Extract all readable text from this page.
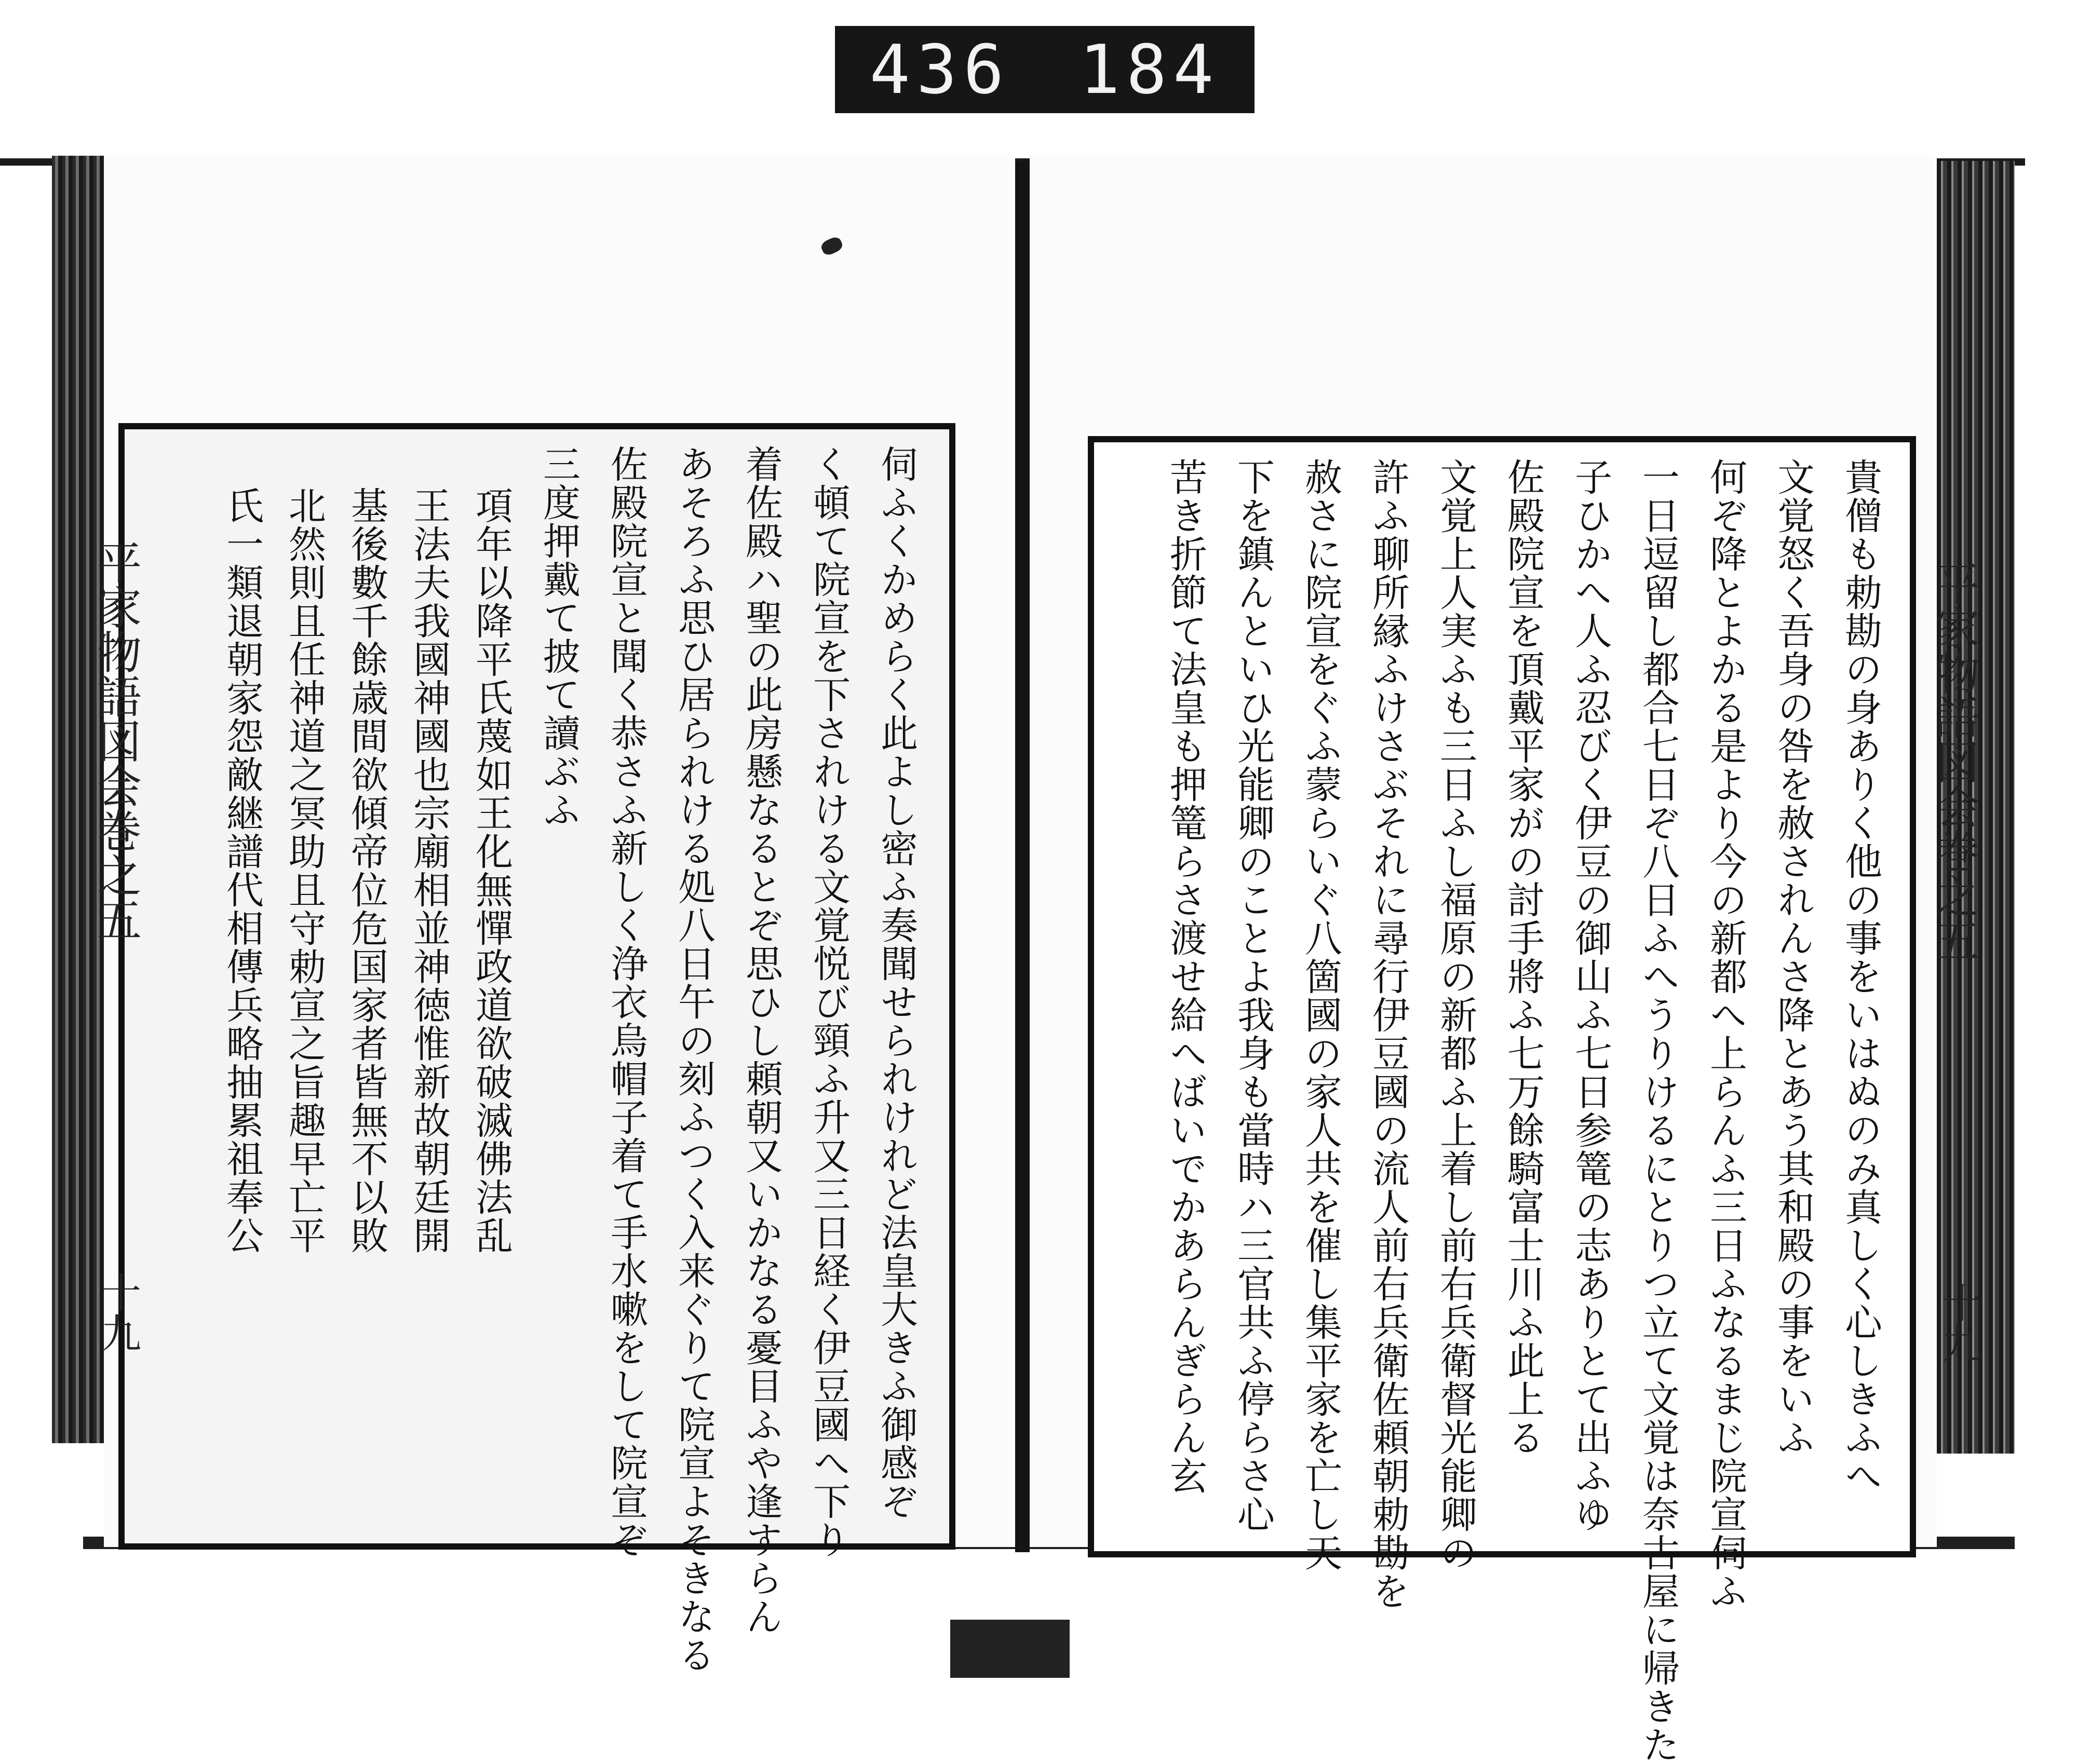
436 184
貴僧も勅勘の身ありく他の事をいはぬのみ真しく心しきふへ
文覚怒く吾身の咎を赦されんさ降とあう其和殿の事をいふ
何ぞ降とよかる是より今の新都へ上らんふ三日ふなるまじ院宣伺ふ
一日逗留し都合七日ぞ八日ふへうりけるにとりつ立て文覚は奈古屋に帰きた
子ひかへ人ふ忍びく伊豆の御山ふ七日参篭の志ありとて出ふゆ
佐殿院宣を頂戴平家がの討手將ふ七万餘騎富士川ふ此上る
文覚上人実ふも三日ふし福原の新都ふ上着し前右兵衛督光能卿の
許ふ聊所縁ふけさぶそれに尋行伊豆國の流人前右兵衛佐頼朝勅勘を
赦さに院宣をぐふ蒙らいぐ八箇國の家人共を催し集平家を亡し天
下を鎮んといひ光能卿のことよ我身も當時ハ三官共ふ停らさ心
苦き折節て法皇も押篭らさ渡せ給へばいでかあらんぎらん玄
伺ふくかめらく此よし密ふ奏聞せられけれど法皇大きふ御感ぞ
く頓て院宣を下されける文覚悦び頸ふ升又三日経く伊豆國へ下り
着佐殿ハ聖の此房懸なるとぞ思ひし頼朝又いかなる憂目ふや逢すらん
あそろふ思ひ居られける処八日午の刻ふつく入来ぐりて院宣よそきなる
佐殿院宣と聞く恭さふ新しく浄衣烏帽子着て手水嗽をして院宣ぞ
三度押戴て披て讀ぶふ
項年以降平氏蔑如王化無憚政道欲破滅佛法乱
王法夫我國神國也宗廟相並神徳惟新故朝廷開
基後數千餘歳間欲傾帝位危国家者皆無不以敗
北然則且任神道之冥助且守勅宣之旨趣早亡平
氏一類退朝家怨敵継譜代相傳兵略抽累祖奉公	平家物語図会巻之五
十九
平家物語図会巻之五
十九
